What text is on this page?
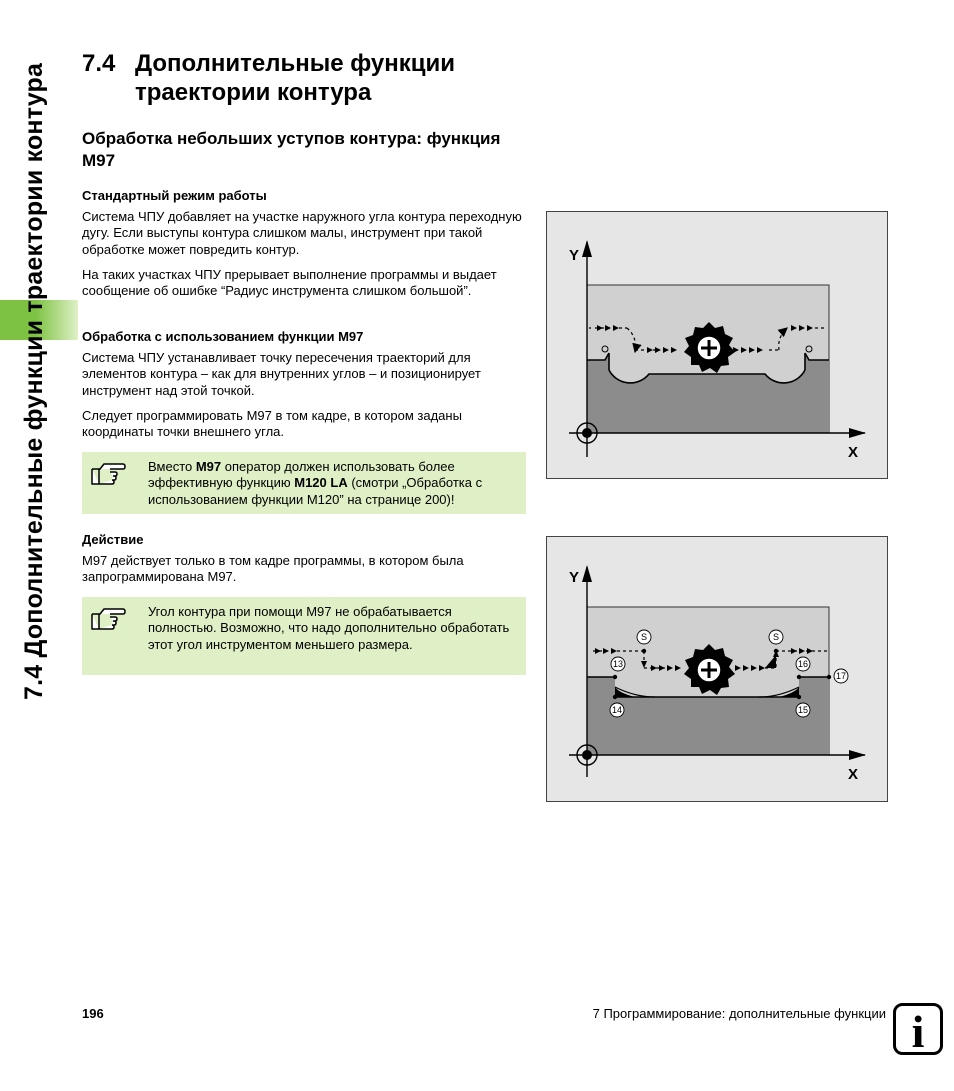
7.4 Дополнительные функции траектории контура 7.4 Дополнительные функции траектории контура
Обработка небольших уступов контура: функция M97
Стандартный режим работы
Система ЧПУ добавляет на участке наружного угла контура переходную дугу. Если выступы контура слишком малы, инструмент при такой обработке может повредить контур.
На таких участках ЧПУ прерывает выполнение программы и выдает сообщение об ошибке “Радиус инструмента слишком большой”.
Обработка с использованием функции M97
Система ЧПУ устанавливает точку пересечения траекторий для элементов контура – как для внутренних углов – и позиционирует инструмент над этой точкой.
Следует программировать M97 в том кадре, в котором заданы координаты точки внешнего угла.
Вместо M97 оператор должен использовать более эффективную функцию M120 LA (смотри „Обработка с использованием функции M120” на странице 200)!
Действие
M97 действует только в том кадре программы, в котором была запрограммирована M97.
Угол контура при помощи M97 не обрабатывается полностью. Возможно, что надо дополнительно обработать этот угол инструментом меньшего размера.
Y
X
S	S
13
14	15
16
17
Y
X
196	7 Программирование: дополнительные функции i
